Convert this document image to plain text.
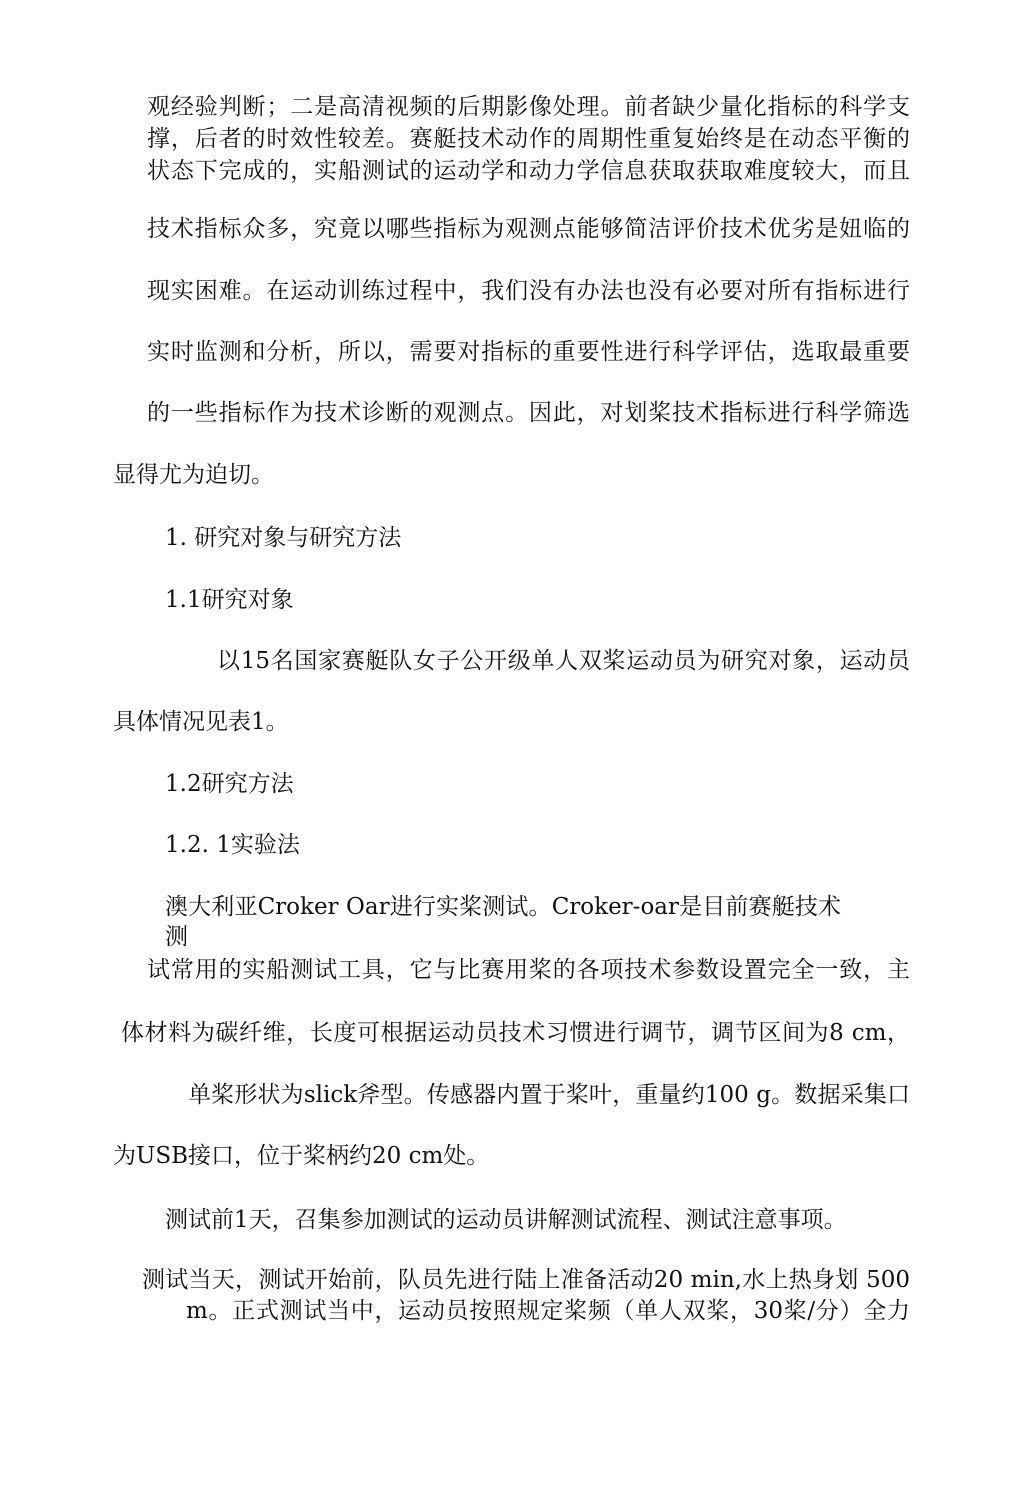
观经验判断；二是高清视频的后期影像处理。前者缺少量化指标的科学支

撑，后者的时效性较差。赛艇技术动作的周期性重复始终是在动态平衡的

状态下完成的，实船测试的运动学和动力学信息获取获取难度较大，而且

技术指标众多，究竟以哪些指标为观测点能够简洁评价技术优劣是妞临的

现实困难。在运动训练过程中，我们没有办法也没有必要对所有指标进行

实时监测和分析，所以，需要对指标的重要性进行科学评估，选取最重要

的一些指标作为技术诊断的观测点。因此，对划桨技术指标进行科学筛选

显得尤为迫切。

1. 研究对象与研究方法

1.1研究对象

以15名国家赛艇队女子公开级单人双桨运动员为研究对象，运动员

具体情况见表1。

1.2研究方法

1.2. 1实验法

澳大利亚Croker Oar进行实桨测试。Croker-oar是目前赛艇技术测

试常用的实船测试工具，它与比赛用桨的各项技术参数设置完全一致，主

体材料为碳纤维，长度可根据运动员技术习惯进行调节，调节区间为8 cm，

单桨形状为slick斧型。传感器内置于桨叶，重量约100 g。数据采集口

为USB接口，位于桨柄约20 cm处。

测试前1天，召集参加测试的运动员讲解测试流程、测试注意事项。

测试当天，测试开始前，队员先进行陆上准备活动20 min,水上热身划 500

m。正式测试当中，运动员按照规定桨频（单人双桨，30桨/分）全力
